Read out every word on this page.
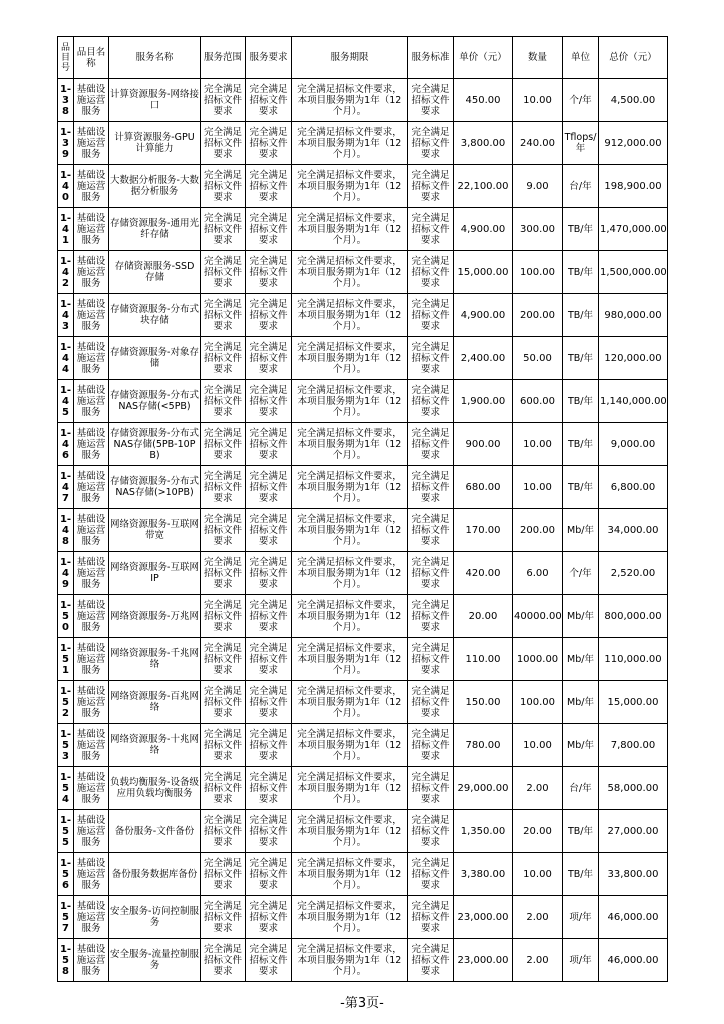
品目号	品目名称	服务名称	服务范围	服务要求	服务期限	服务标准	单价（元）	数量	单位	总价（元）
1-38	基础设施运营服务	计算资源服务-网络接口	完全满足招标文件要求	完全满足招标文件要求	完全满足招标文件要求，本项目服务期为1年（12个月）。	完全满足招标文件要求	450.00	10.00	个/年	4,500.00
1-39	基础设施运营服务	计算资源服务-GPU计算能力	完全满足招标文件要求	完全满足招标文件要求	完全满足招标文件要求，本项目服务期为1年（12个月）。	完全满足招标文件要求	3,800.00	240.00	Tflops/年	912,000.00
1-40	基础设施运营服务	大数据分析服务-大数据分析服务	完全满足招标文件要求	完全满足招标文件要求	完全满足招标文件要求，本项目服务期为1年（12个月）。	完全满足招标文件要求	22,100.00	9.00	台/年	198,900.00
1-41	基础设施运营服务	存储资源服务-通用光纤存储	完全满足招标文件要求	完全满足招标文件要求	完全满足招标文件要求，本项目服务期为1年（12个月）。	完全满足招标文件要求	4,900.00	300.00	TB/年	1,470,000.00
1-42	基础设施运营服务	存储资源服务-SSD存储	完全满足招标文件要求	完全满足招标文件要求	完全满足招标文件要求，本项目服务期为1年（12个月）。	完全满足招标文件要求	15,000.00	100.00	TB/年	1,500,000.00
1-43	基础设施运营服务	存储资源服务-分布式块存储	完全满足招标文件要求	完全满足招标文件要求	完全满足招标文件要求，本项目服务期为1年（12个月）。	完全满足招标文件要求	4,900.00	200.00	TB/年	980,000.00
1-44	基础设施运营服务	存储资源服务-对象存储	完全满足招标文件要求	完全满足招标文件要求	完全满足招标文件要求，本项目服务期为1年（12个月）。	完全满足招标文件要求	2,400.00	50.00	TB/年	120,000.00
1-45	基础设施运营服务	存储资源服务-分布式NAS存储(<5PB)	完全满足招标文件要求	完全满足招标文件要求	完全满足招标文件要求，本项目服务期为1年（12个月）。	完全满足招标文件要求	1,900.00	600.00	TB/年	1,140,000.00
1-46	基础设施运营服务	存储资源服务-分布式NAS存储(5PB-10PB)	完全满足招标文件要求	完全满足招标文件要求	完全满足招标文件要求，本项目服务期为1年（12个月）。	完全满足招标文件要求	900.00	10.00	TB/年	9,000.00
1-47	基础设施运营服务	存储资源服务-分布式NAS存储(>10PB)	完全满足招标文件要求	完全满足招标文件要求	完全满足招标文件要求，本项目服务期为1年（12个月）。	完全满足招标文件要求	680.00	10.00	TB/年	6,800.00
1-48	基础设施运营服务	网络资源服务-互联网带宽	完全满足招标文件要求	完全满足招标文件要求	完全满足招标文件要求，本项目服务期为1年（12个月）。	完全满足招标文件要求	170.00	200.00	Mb/年	34,000.00
1-49	基础设施运营服务	网络资源服务-互联网IP	完全满足招标文件要求	完全满足招标文件要求	完全满足招标文件要求，本项目服务期为1年（12个月）。	完全满足招标文件要求	420.00	6.00	个/年	2,520.00
1-50	基础设施运营服务	网络资源服务-万兆网	完全满足招标文件要求	完全满足招标文件要求	完全满足招标文件要求，本项目服务期为1年（12个月）。	完全满足招标文件要求	20.00	40000.00	Mb/年	800,000.00
1-51	基础设施运营服务	网络资源服务-千兆网络	完全满足招标文件要求	完全满足招标文件要求	完全满足招标文件要求，本项目服务期为1年（12个月）。	完全满足招标文件要求	110.00	1000.00	Mb/年	110,000.00
1-52	基础设施运营服务	网络资源服务-百兆网络	完全满足招标文件要求	完全满足招标文件要求	完全满足招标文件要求，本项目服务期为1年（12个月）。	完全满足招标文件要求	150.00	100.00	Mb/年	15,000.00
1-53	基础设施运营服务	网络资源服务-十兆网络	完全满足招标文件要求	完全满足招标文件要求	完全满足招标文件要求，本项目服务期为1年（12个月）。	完全满足招标文件要求	780.00	10.00	Mb/年	7,800.00
1-54	基础设施运营服务	负载均衡服务-设备级应用负载均衡服务	完全满足招标文件要求	完全满足招标文件要求	完全满足招标文件要求，本项目服务期为1年（12个月）。	完全满足招标文件要求	29,000.00	2.00	台/年	58,000.00
1-55	基础设施运营服务	备份服务-文件备份	完全满足招标文件要求	完全满足招标文件要求	完全满足招标文件要求，本项目服务期为1年（12个月）。	完全满足招标文件要求	1,350.00	20.00	TB/年	27,000.00
1-56	基础设施运营服务	备份服务数据库备份	完全满足招标文件要求	完全满足招标文件要求	完全满足招标文件要求，本项目服务期为1年（12个月）。	完全满足招标文件要求	3,380.00	10.00	TB/年	33,800.00
1-57	基础设施运营服务	安全服务-访问控制服务	完全满足招标文件要求	完全满足招标文件要求	完全满足招标文件要求，本项目服务期为1年（12个月）。	完全满足招标文件要求	23,000.00	2.00	项/年	46,000.00
1-58	基础设施运营服务	安全服务-流量控制服务	完全满足招标文件要求	完全满足招标文件要求	完全满足招标文件要求，本项目服务期为1年（12个月）。	完全满足招标文件要求	23,000.00	2.00	项/年	46,000.00
-第3页-
